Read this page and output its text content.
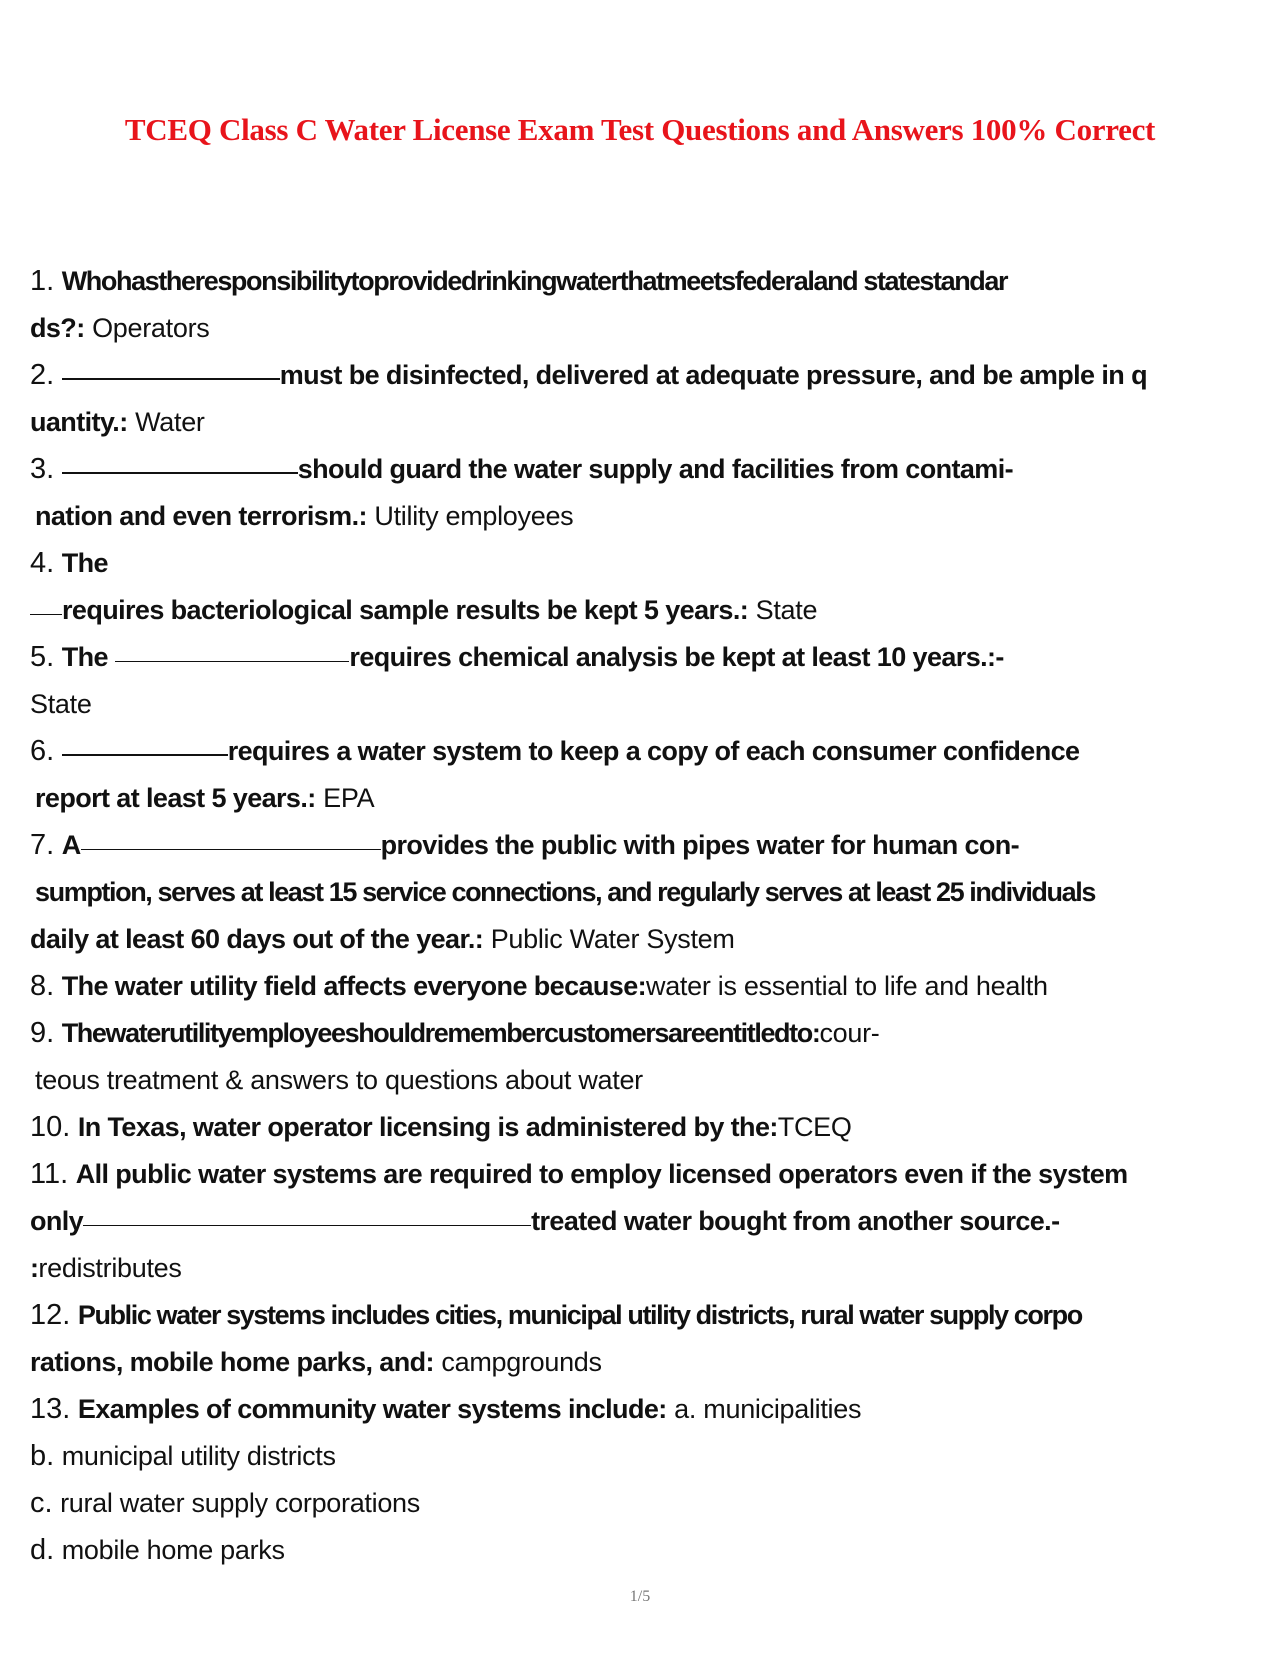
TCEQ Class C Water License Exam Test Questions and Answers 100% Correct
1. Whohastheresponsibilitytoprovidedrinkingwaterthatmeetsfederaland statestandar
ds?: Operators
2.	must be disinfected, delivered at adequate pressure, and be ample in q
uantity.: Water
3.	should guard the water supply and facilities from contami-
nation and even terrorism.: Utility employees
4. The
requires bacteriological sample results be kept 5 years.: State
5. The	requires chemical analysis be kept at least 10 years.:-
State
6.	requires a water system to keep a copy of each consumer confidence
report at least 5 years.: EPA
7. A	provides the public with pipes water for human con-
sumption, serves at least 15 service connections, and regularly serves at least 25 individuals
daily at least 60 days out of the year.: Public Water System
8. The water utility field affects everyone because:water is essential to life and health
9. Thewaterutilityemployeeshouldremembercustomersareentitledto:cour-
teous treatment & answers to questions about water
10. In Texas, water operator licensing is administered by the:TCEQ
11. All public water systems are required to employ licensed operators even if the system
only	treated water bought from another source.-
:redistributes
12. Public water systems includes cities, municipal utility districts, rural water supply corpo
rations, mobile home parks, and: campgrounds
13. Examples of community water systems include: a. municipalities
b. municipal utility districts
c. rural water supply corporations
d. mobile home parks
1/5
